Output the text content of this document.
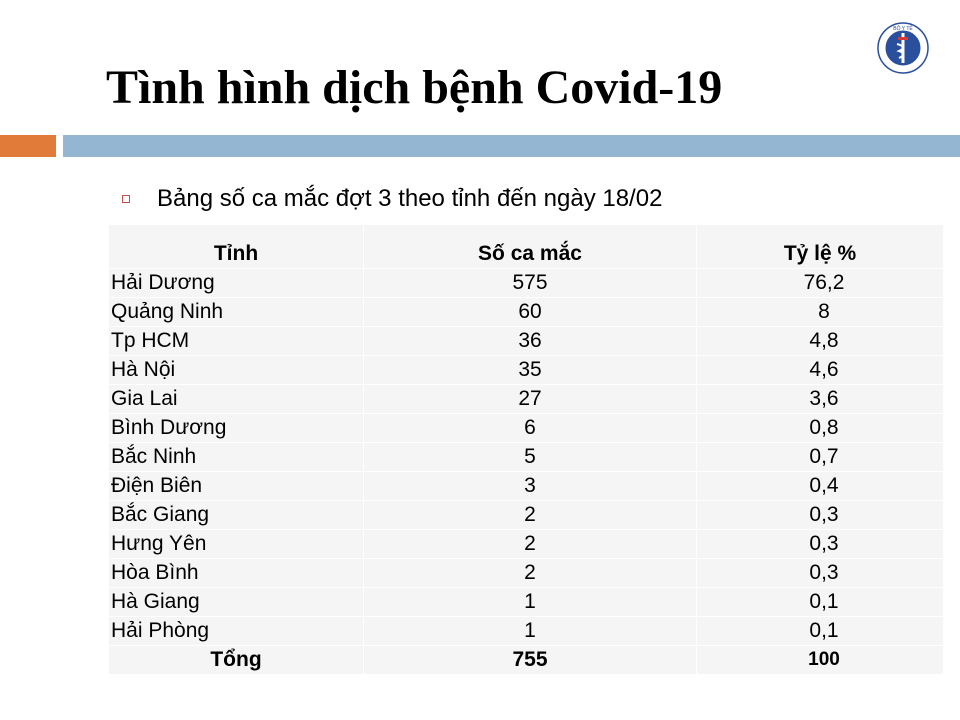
BỘ Y TẾ
Tình hình dịch bệnh Covid-19
Bảng số ca mắc đợt 3 theo tỉnh đến ngày 18/02
Tỉnh	Số ca mắc	Tỷ lệ %
Hải Dương	575	76,2
Quảng Ninh	60	8
Tp HCM	36	4,8
Hà Nội	35	4,6
Gia Lai	27	3,6
Bình Dương	6	0,8
Bắc Ninh	5	0,7
Điện Biên	3	0,4
Bắc Giang	2	0,3
Hưng Yên	2	0,3
Hòa Bình	2	0,3
Hà Giang	1	0,1
Hải Phòng	1	0,1
Tổng	755	100
